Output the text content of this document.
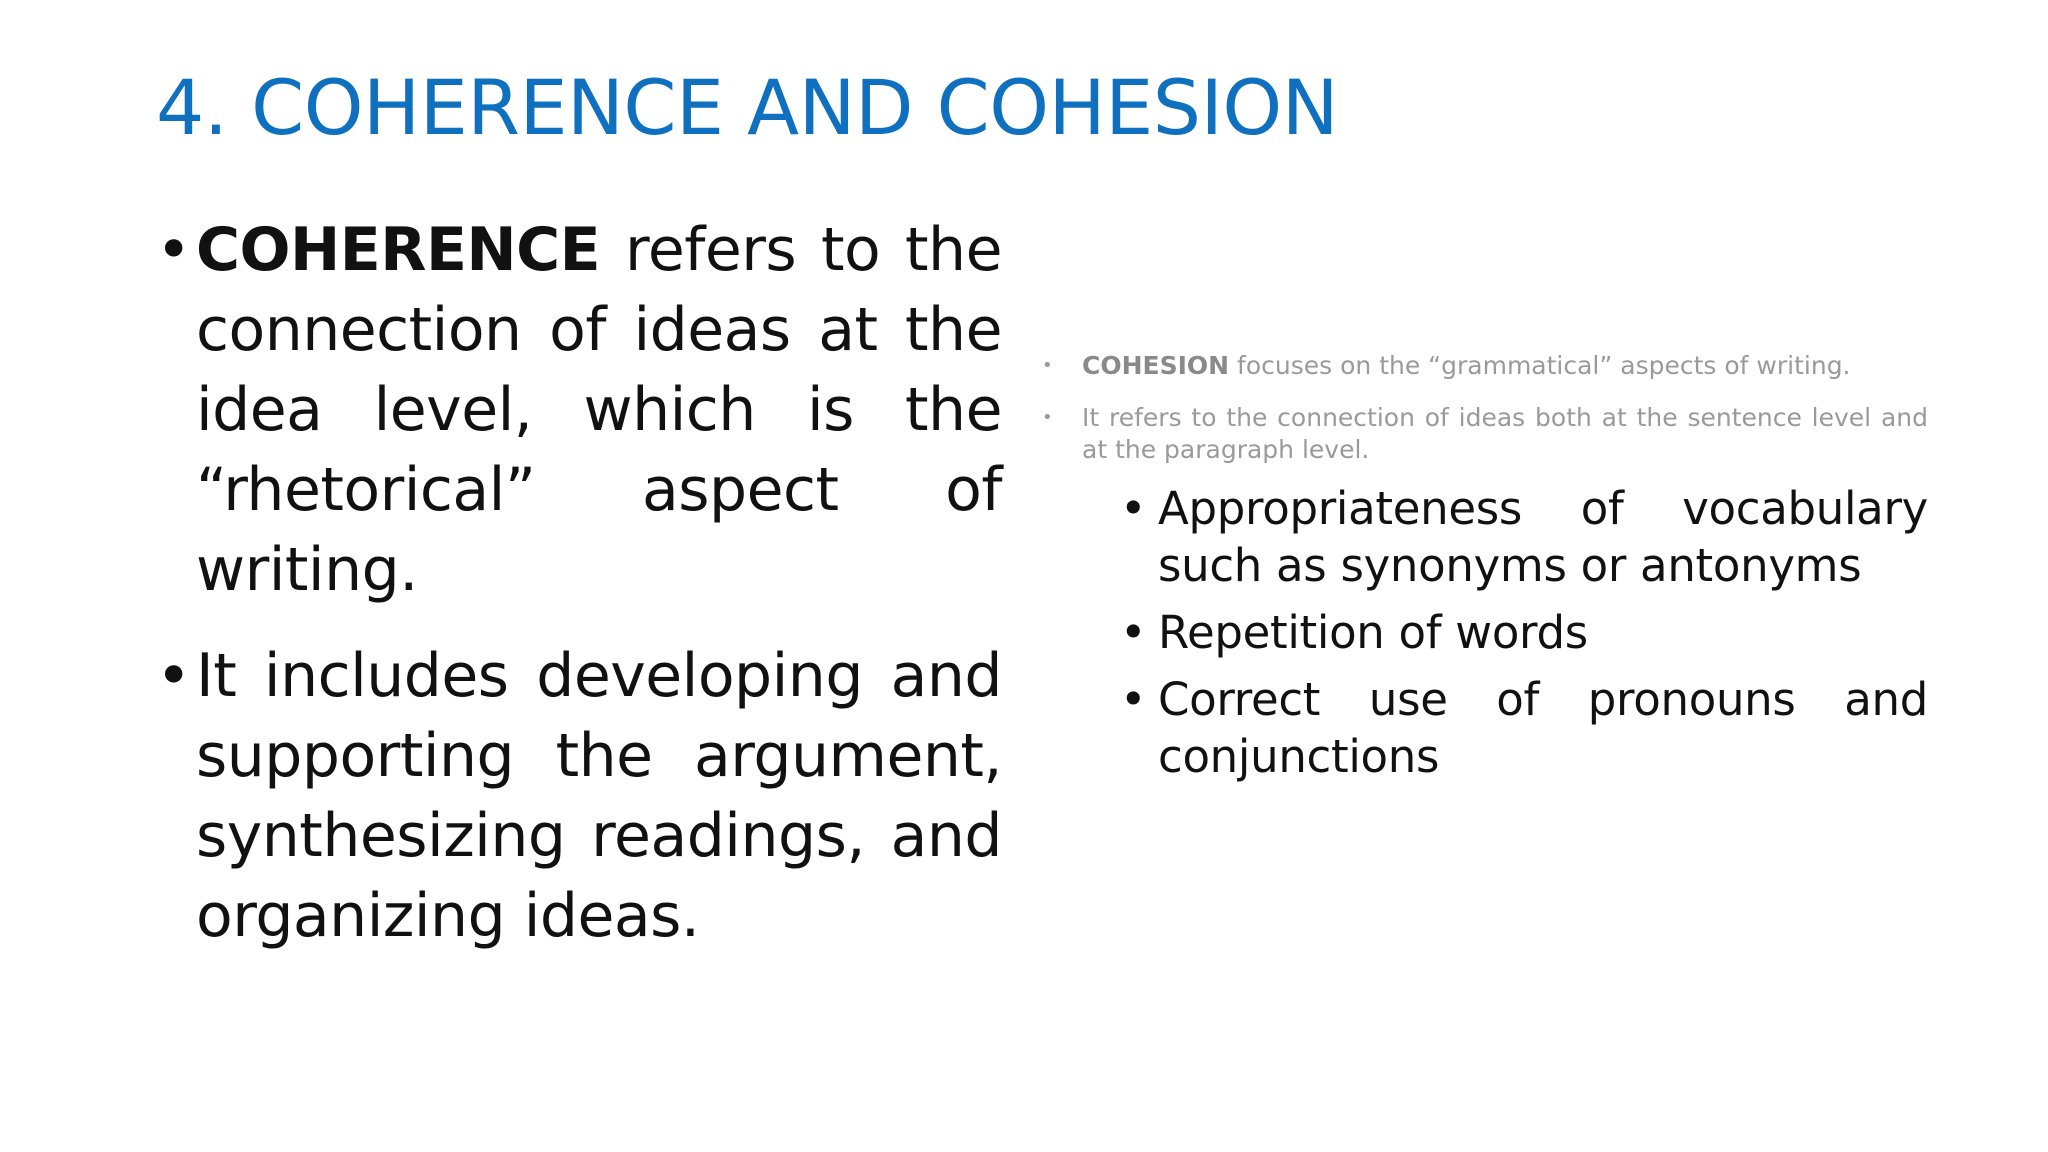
4. COHERENCE AND COHESION
• COHERENCE refers to the connection of ideas at the idea level, which is the “rhetorical” aspect of writing.
• It includes developing and supporting the argument, synthesizing readings, and organizing ideas.
• COHESION focuses on the “grammatical” aspects of writing.
• It refers to the connection of ideas both at the sentence level and at the paragraph level.
• Appropriateness of vocabulary such as synonyms or antonyms
• Repetition of words
• Correct use of pronouns and conjunctions
